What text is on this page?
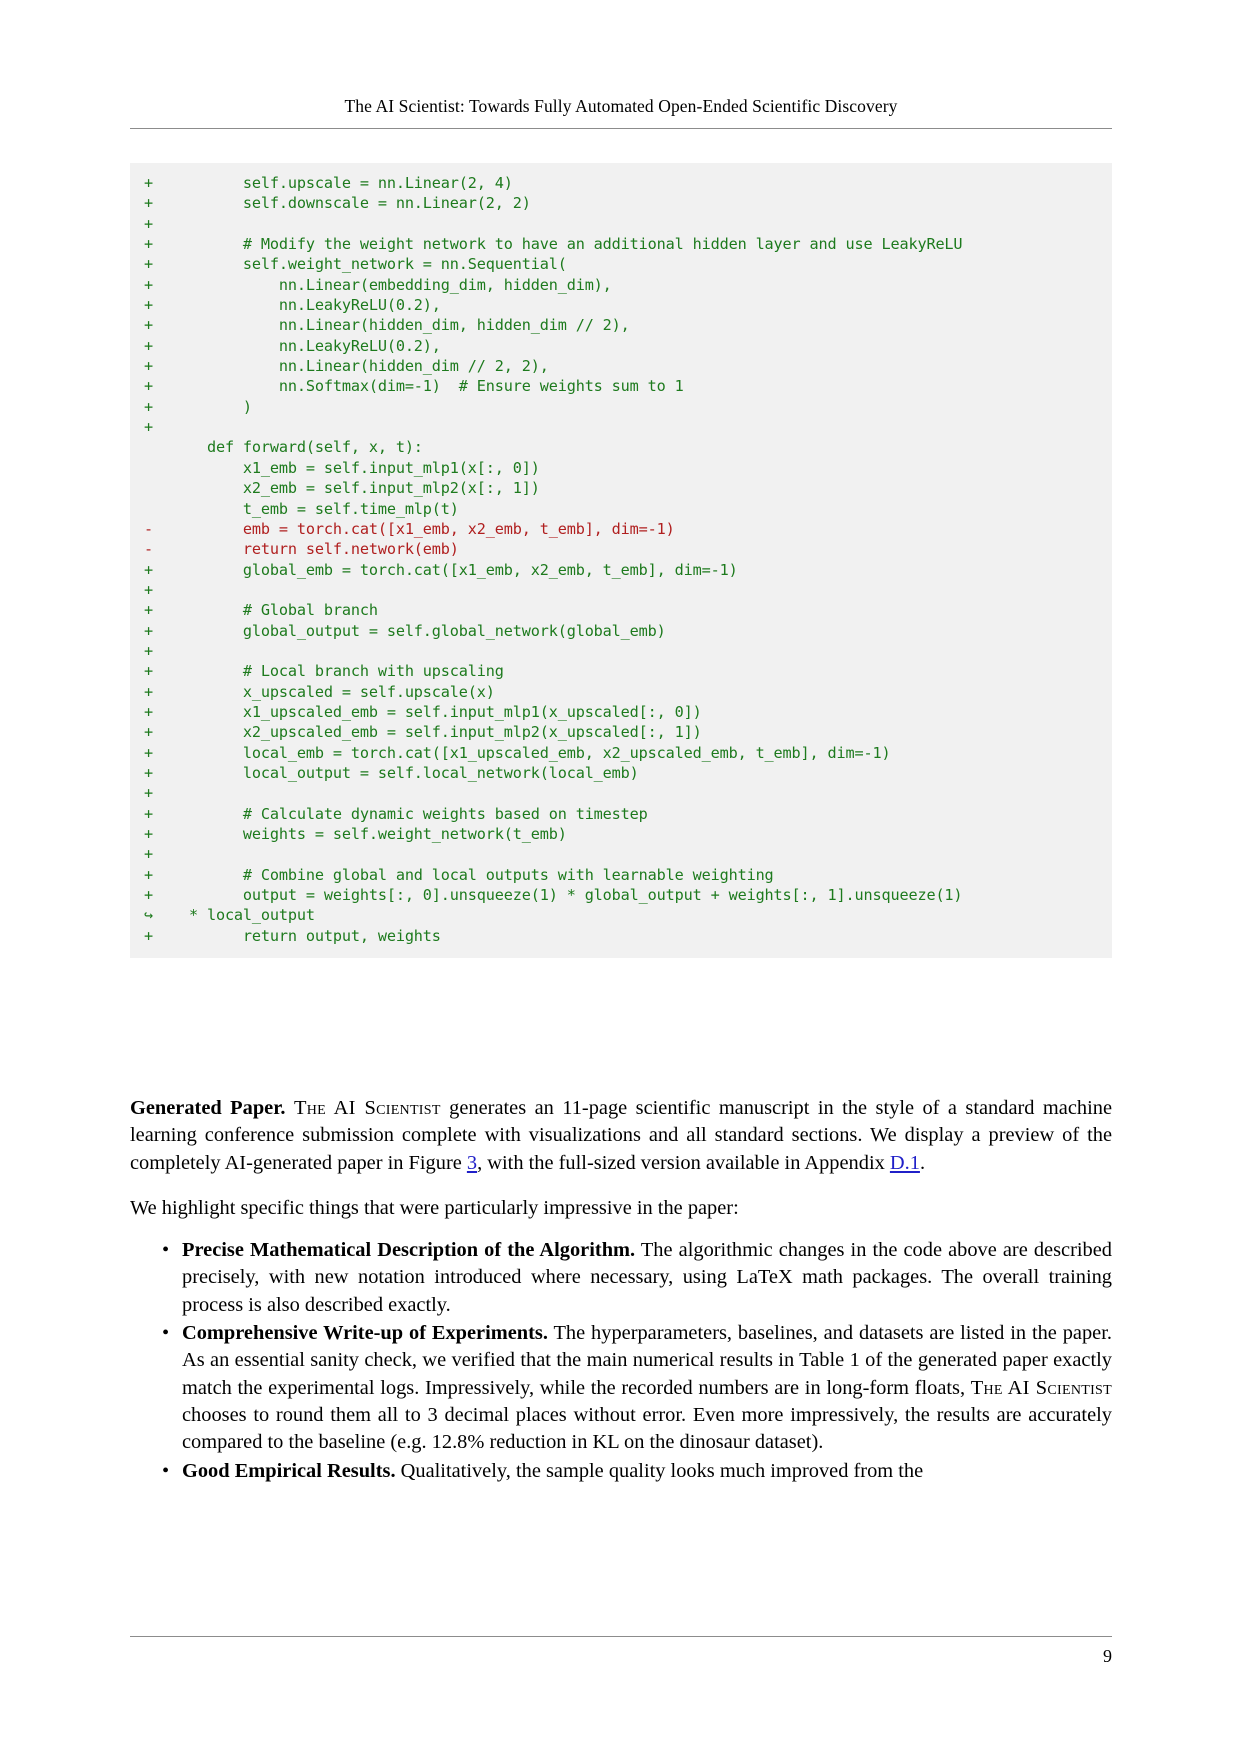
The AI Scientist: Towards Fully Automated Open-Ended Scientific Discovery
+          self.upscale = nn.Linear(2, 4)
+          self.downscale = nn.Linear(2, 2)
+
+          # Modify the weight network to have an additional hidden layer and use LeakyReLU
+          self.weight_network = nn.Sequential(
+              nn.Linear(embedding_dim, hidden_dim),
+              nn.LeakyReLU(0.2),
+              nn.Linear(hidden_dim, hidden_dim // 2),
+              nn.LeakyReLU(0.2),
+              nn.Linear(hidden_dim // 2, 2),
+              nn.Softmax(dim=-1)  # Ensure weights sum to 1
+          )
+
def forward(self, x, t):
x1_emb = self.input_mlp1(x[:, 0])
x2_emb = self.input_mlp2(x[:, 1])
t_emb = self.time_mlp(t)
-          emb = torch.cat([x1_emb, x2_emb, t_emb], dim=-1)
-          return self.network(emb)
+          global_emb = torch.cat([x1_emb, x2_emb, t_emb], dim=-1)
+
+          # Global branch
+          global_output = self.global_network(global_emb)
+
+          # Local branch with upscaling
+          x_upscaled = self.upscale(x)
+          x1_upscaled_emb = self.input_mlp1(x_upscaled[:, 0])
+          x2_upscaled_emb = self.input_mlp2(x_upscaled[:, 1])
+          local_emb = torch.cat([x1_upscaled_emb, x2_upscaled_emb, t_emb], dim=-1)
+          local_output = self.local_network(local_emb)
+
+          # Calculate dynamic weights based on timestep
+          weights = self.weight_network(t_emb)
+
+          # Combine global and local outputs with learnable weighting
+          output = weights[:, 0].unsqueeze(1) * global_output + weights[:, 1].unsqueeze(1)
↪    * local_output
+          return output, weights

Generated Paper. The AI Scientist generates an 11-page scientific manuscript in the style of a standard machine learning conference submission complete with visualizations and all standard sections. We display a preview of the completely AI-generated paper in Figure 3, with the full-sized version available in Appendix D.1.

We highlight specific things that were particularly impressive in the paper:

• Precise Mathematical Description of the Algorithm. The algorithmic changes in the code above are described precisely, with new notation introduced where necessary, using LaTeX math packages. The overall training process is also described exactly.
• Comprehensive Write-up of Experiments. The hyperparameters, baselines, and datasets are listed in the paper. As an essential sanity check, we verified that the main numerical results in Table 1 of the generated paper exactly match the experimental logs. Impressively, while the recorded numbers are in long-form floats, The AI Scientist chooses to round them all to 3 decimal places without error. Even more impressively, the results are accurately compared to the baseline (e.g. 12.8% reduction in KL on the dinosaur dataset).
• Good Empirical Results. Qualitatively, the sample quality looks much improved from the
9
